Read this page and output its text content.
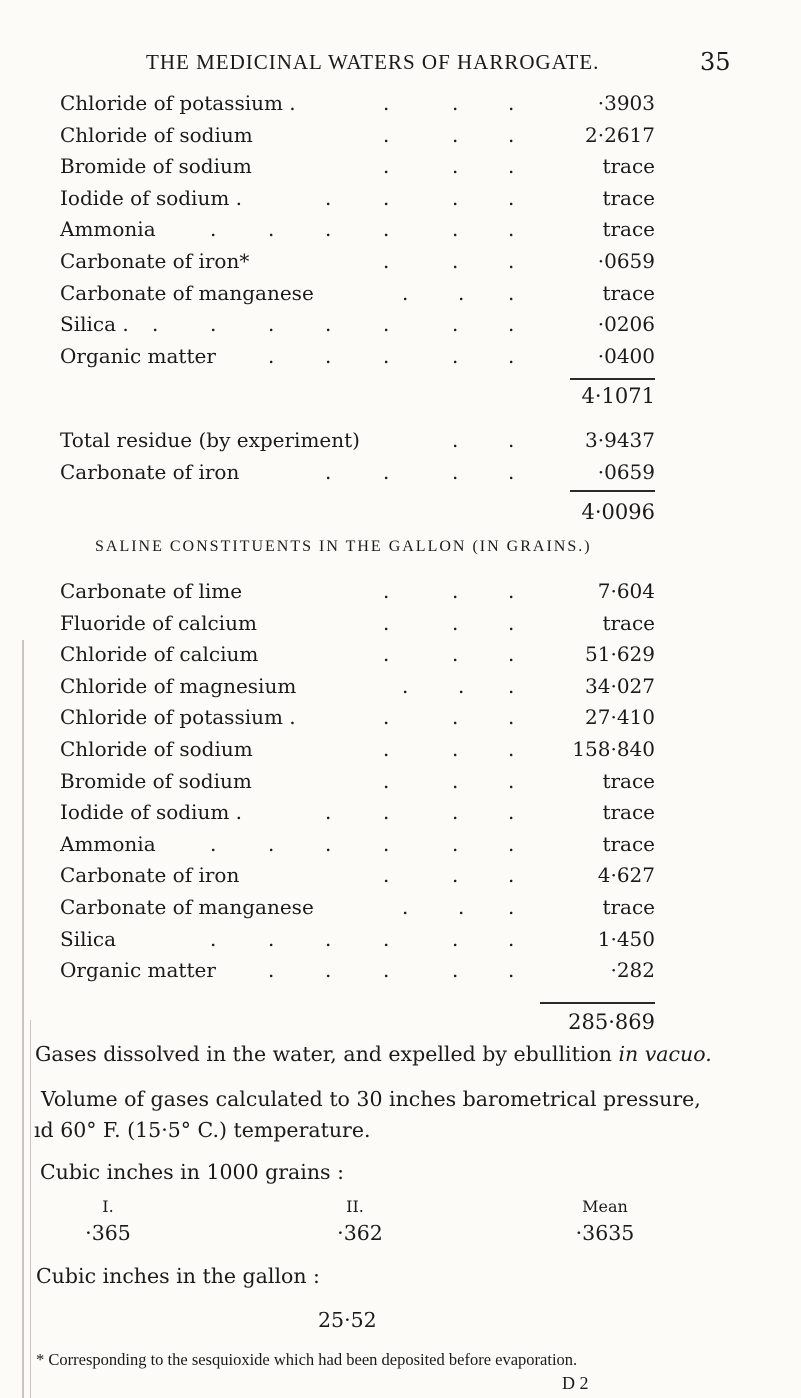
THE MEDICINAL WATERS OF HARROGATE.	35
Chloride of potassium .	.	. .	·3903
Chloride of sodium	.	. .	2·2617
Bromide of sodium	.	. .	trace
Iodide of sodium .	.	.	. .	trace
Ammonia	.	.	.	.	. .	trace
Carbonate of iron*	.	. .	·0659
Carbonate of manganese	. . .	trace
Silica . .	.	.	.	.	. .	·0206
Organic matter	.	.	.	. .	·0400
4·1071
Total residue (by experiment)	. .	3·9437
Carbonate of iron	.	.	. .	·0659
4·0096
SALINE CONSTITUENTS IN THE GALLON (IN GRAINS.)
Carbonate of lime	.	. .	7·604
Fluoride of calcium	.	. .	trace
Chloride of calcium	.	. .	51·629
Chloride of magnesium	. . .	34·027
Chloride of potassium .	.	. .	27·410
Chloride of sodium	.	. .	158·840
Bromide of sodium	.	. .	trace
Iodide of sodium .	.	.	. .	trace
Ammonia	.	.	.	.	. .	trace
Carbonate of iron	.	. .	4·627
Carbonate of manganese	. . .	trace
Silica	.	.	.	.	. .	1·450
Organic matter	.	.	.	. .	·282
285·869
Gases dissolved in the water, and expelled by ebullition in vacuo.
Volume of gases calculated to 30 inches barometrical pressure,
ıd 60° F. (15·5° C.) temperature.
Cubic inches in 1000 grains :
I.	II.	Mean
·365	·362	·3635
Cubic inches in the gallon :
25·52
* Corresponding to the sesquioxide which had been deposited before evaporation.
D 2
